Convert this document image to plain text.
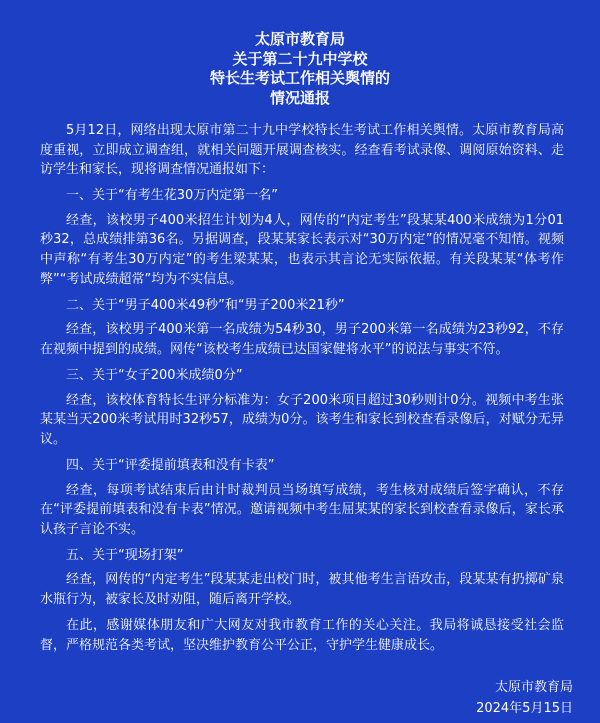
太原市教育局
关于第二十九中学校
特长生考试工作相关舆情的
情况通报

5月12日，网络出现太原市第二十九中学校特长生考试工作相关舆情。太原市教育局高度重视，立即成立调查组，就相关问题开展调查核实。经查看考试录像、调阅原始资料、走访学生和家长，现将调查情况通报如下：

一、关于“有考生花30万内定第一名”

经查，该校男子400米招生计划为4人，网传的“内定考生”段某某400米成绩为1分01秒32，总成绩排第36名。另据调查，段某某家长表示对“30万内定”的情况毫不知情。视频中声称“有考生30万内定”的考生梁某某，也表示其言论无实际依据。有关段某某“体考作弊”“考试成绩超常”均为不实信息。

二、关于“男子400米49秒”和“男子200米21秒”

经查，该校男子400米第一名成绩为54秒30，男子200米第一名成绩为23秒92，不存在视频中提到的成绩。网传“该校考生成绩已达国家健将水平”的说法与事实不符。

三、关于“女子200米成绩0分”

经查，该校体育特长生评分标准为：女子200米项目超过30秒则计0分。视频中考生张某某当天200米考试用时32秒57，成绩为0分。该考生和家长到校查看录像后，对赋分无异议。

四、关于“评委提前填表和没有卡表”

经查，每项考试结束后由计时裁判员当场填写成绩，考生核对成绩后签字确认，不存在“评委提前填表和没有卡表”情况。邀请视频中考生屈某某的家长到校查看录像后，家长承认孩子言论不实。

五、关于“现场打架”

经查，网传的“内定考生”段某某走出校门时，被其他考生言语攻击，段某某有扔掷矿泉水瓶行为，被家长及时劝阻，随后离开学校。

在此，感谢媒体朋友和广大网友对我市教育工作的关心关注。我局将诚恳接受社会监督，严格规范各类考试，坚决维护教育公平公正，守护学生健康成长。

太原市教育局
2024年5月15日
